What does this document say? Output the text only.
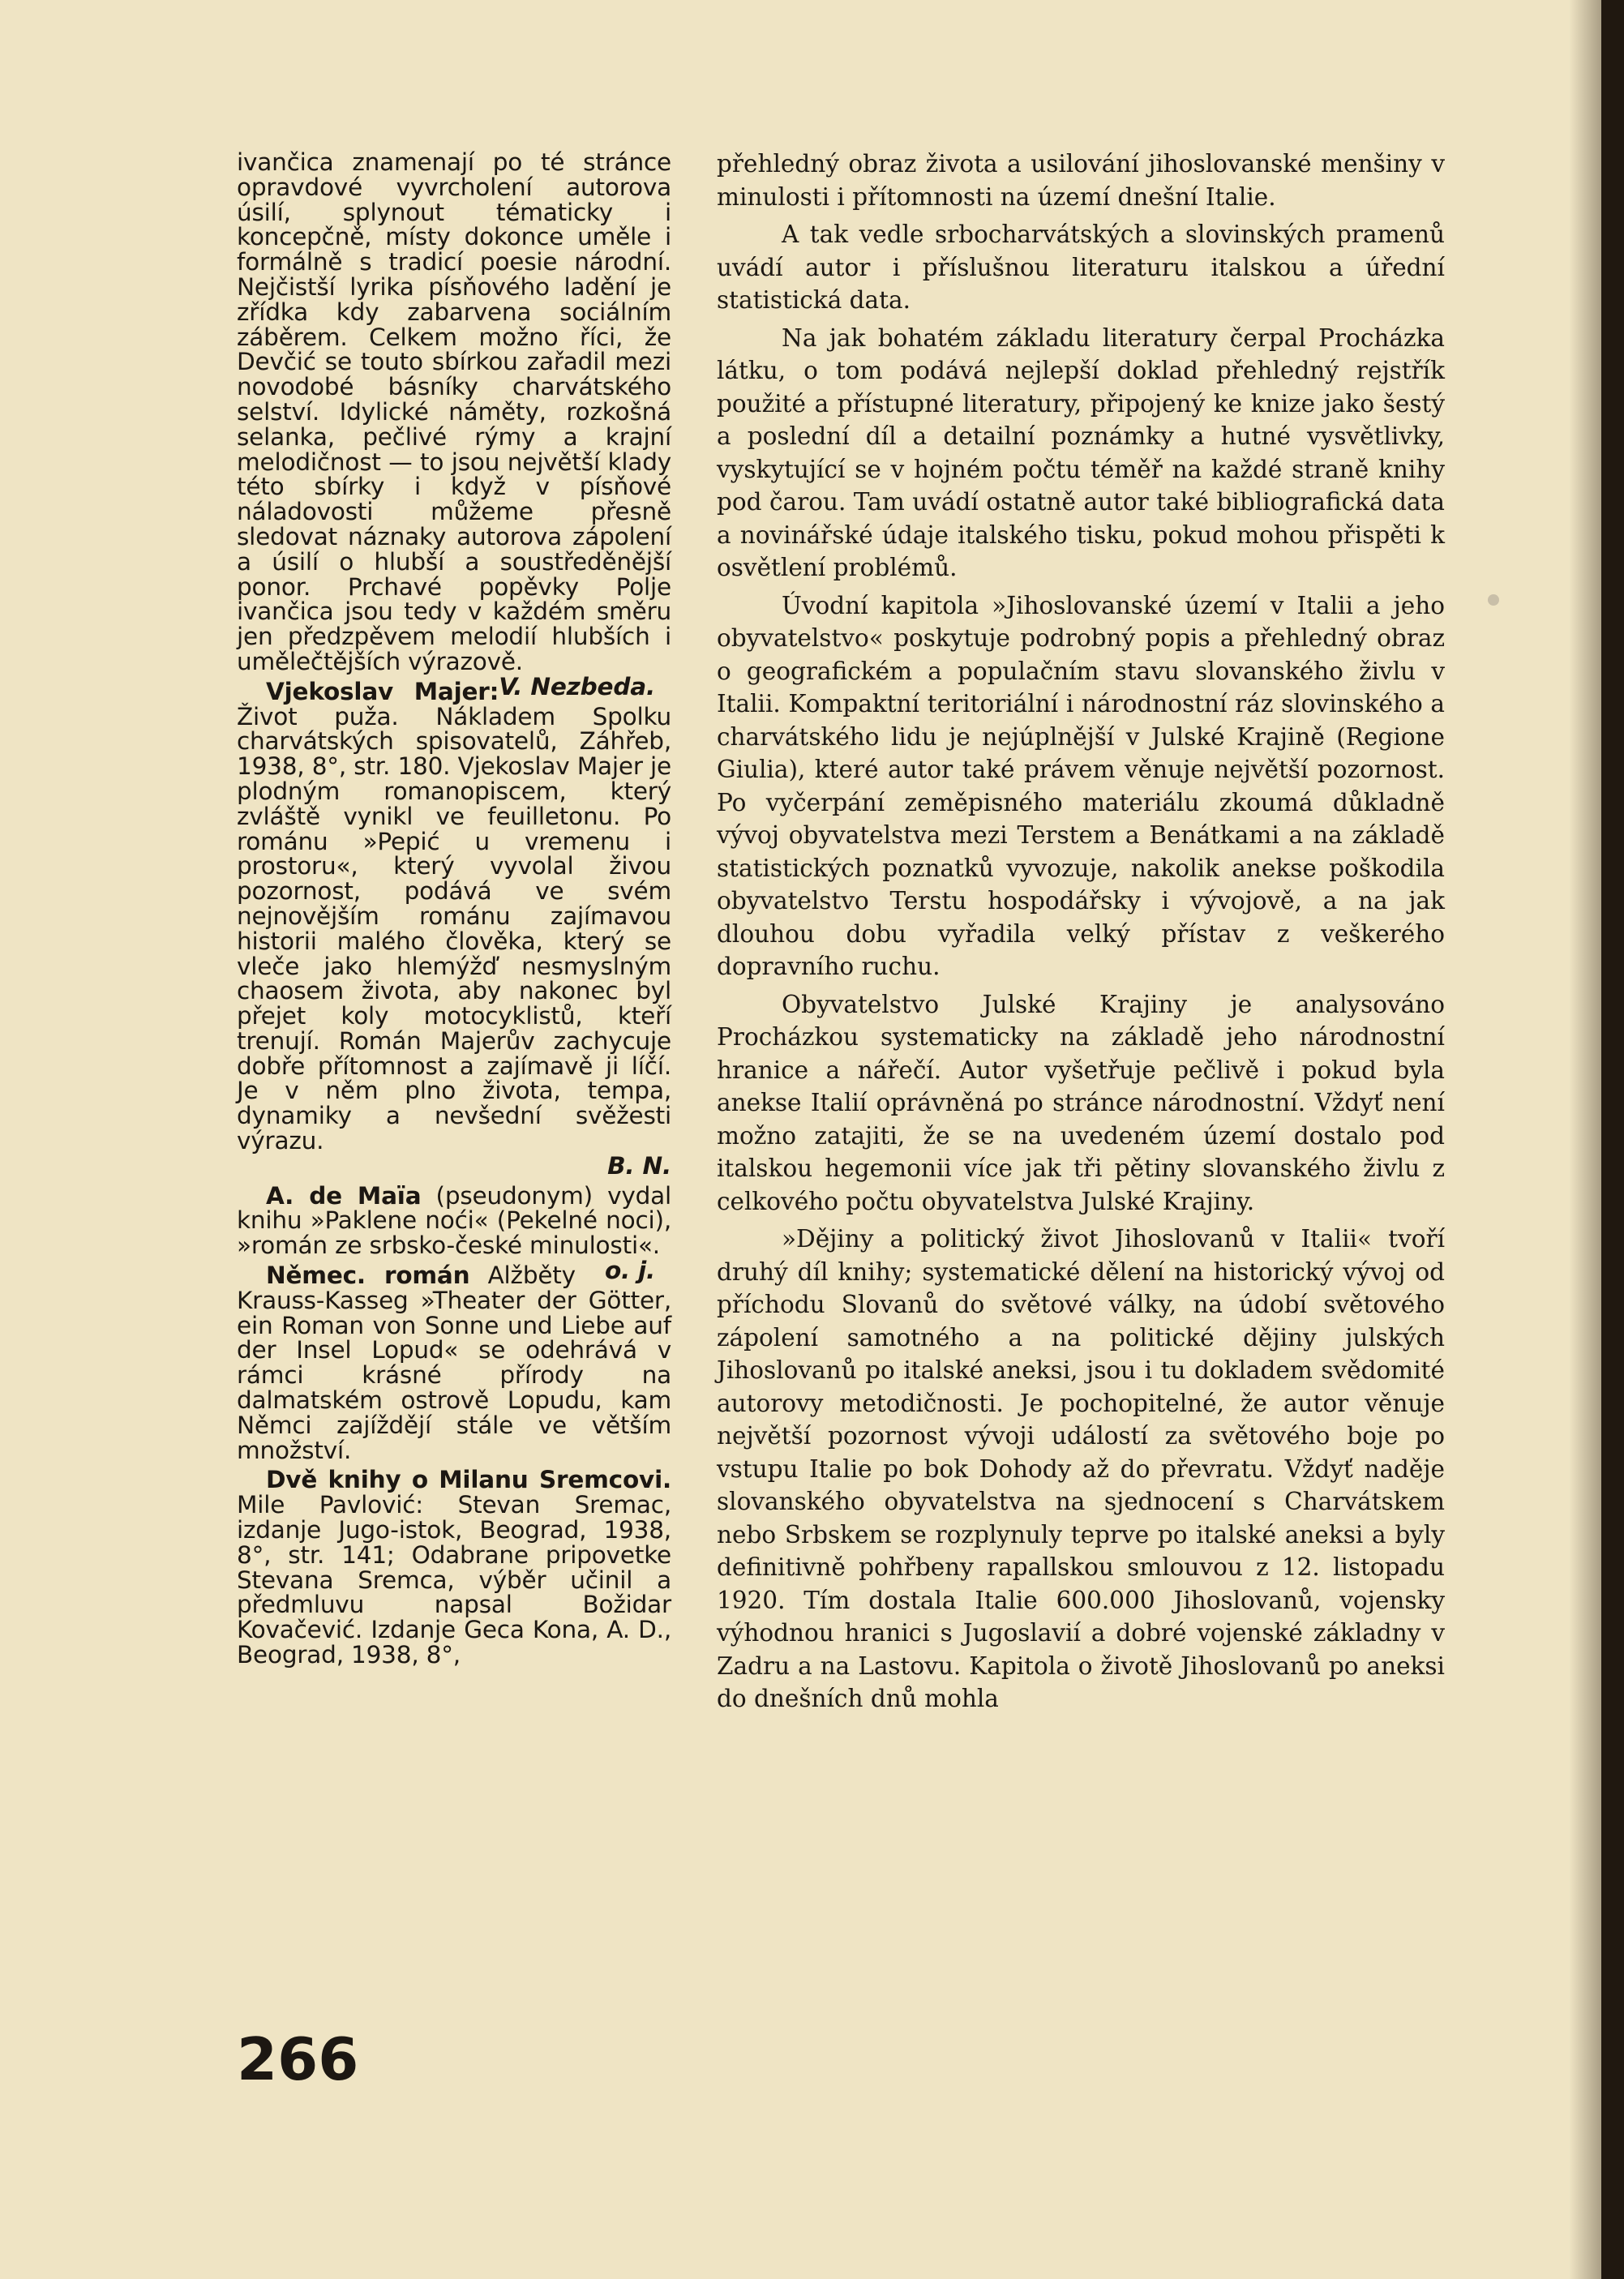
ivančica znamenají po té stránce opravdové vyvrcholení autorova úsilí, splynout tématicky i koncepčně, místy dokonce uměle i formálně s tradicí poesie národní. Nejčistší lyrika písňového ladění je zřídka kdy zabarvena sociálním záběrem. Celkem možno říci, že Devčić se touto sbírkou zařadil mezi novodobé básníky charvátského selství. Idylické náměty, rozkošná selanka, pečlivé rýmy a krajní melodičnost — to jsou největší klady této sbírky i když v písňové náladovosti můžeme přesně sledovat náznaky autorova zápolení a úsilí o hlubší a soustředěnější ponor. Prchavé popěvky Polje ivančica jsou tedy v každém směru jen předzpěvem melodií hlubších i umělečtějších výrazově.
V. Nezbeda.

Vjekoslav Majer: Život puža. Nákladem Spolku charvátských spisovatelů, Záhřeb, 1938, 8°, str. 180. Vjekoslav Majer je plodným romanopiscem, který zvláště vynikl ve feuilletonu. Po románu »Pepić u vremenu i prostoru«, který vyvolal živou pozornost, podává ve svém nejnovějším románu zajímavou historii malého člověka, který se vleče jako hlemýžď nesmyslným chaosem života, aby nakonec byl přejet koly motocyklistů, kteří trenují. Román Majerův zachycuje dobře přítomnost a zajímavě ji líčí. Je v něm plno života, tempa, dynamiky a nevšední svěžesti výrazu.
B. N.

A. de Maïa (pseudonym) vydal knihu »Paklene noći« (Pekelné noci), »román ze srbsko-české minulosti«.
o. j.

Němec. román Alžběty Krauss-Kasseg »Theater der Götter, ein Roman von Sonne und Liebe auf der Insel Lopud« se odehrává v rámci krásné přírody na dalmatském ostrově Lopudu, kam Němci zajíždějí stále ve větším množství.

Dvě knihy o Milanu Sremcovi. Mile Pavlović: Stevan Sremac, izdanje Jugo-istok, Beograd, 1938, 8°, str. 141; Odabrane pripovetke Stevana Sremca, výběr učinil a předmluvu napsal Božidar Kovačević. Izdanje Geca Kona, A. D., Beograd, 1938, 8°,

přehledný obraz života a usilování jihoslovanské menšiny v minulosti i přítomnosti na území dnešní Italie.

A tak vedle srbocharvátských a slovinských pramenů uvádí autor i příslušnou literaturu italskou a úřední statistická data.

Na jak bohatém základu literatury čerpal Procházka látku, o tom podává nejlepší doklad přehledný rejstřík použité a přístupné literatury, připojený ke knize jako šestý a poslední díl a detailní poznámky a hutné vysvětlivky, vyskytující se v hojném počtu téměř na každé straně knihy pod čarou. Tam uvádí ostatně autor také bibliografická data a novinářské údaje italského tisku, pokud mohou přispěti k osvětlení problémů.

Úvodní kapitola »Jihoslovanské území v Italii a jeho obyvatelstvo« poskytuje podrobný popis a přehledný obraz o geografickém a populačním stavu slovanského živlu v Italii. Kompaktní teritoriální i národnostní ráz slovinského a charvátského lidu je nejúplnější v Julské Krajině (Regione Giulia), které autor také právem věnuje největší pozornost. Po vyčerpání zeměpisného materiálu zkoumá důkladně vývoj obyvatelstva mezi Terstem a Benátkami a na základě statistických poznatků vyvozuje, nakolik anekse poškodila obyvatelstvo Terstu hospodářsky i vývojově, a na jak dlouhou dobu vyřadila velký přístav z veškerého dopravního ruchu.

Obyvatelstvo Julské Krajiny je analysováno Procházkou systematicky na základě jeho národnostní hranice a nářečí. Autor vyšetřuje pečlivě i pokud byla anekse Italií oprávněná po stránce národnostní. Vždyť není možno zatajiti, že se na uvedeném území dostalo pod italskou hegemonii více jak tři pětiny slovanského živlu z celkového počtu obyvatelstva Julské Krajiny.

»Dějiny a politický život Jihoslovanů v Italii« tvoří druhý díl knihy; systematické dělení na historický vývoj od příchodu Slovanů do světové války, na údobí světového zápolení samotného a na politické dějiny julských Jihoslovanů po italské aneksi, jsou i tu dokladem svědomité autorovy metodičnosti. Je pochopitelné, že autor věnuje největší pozornost vývoji událostí za světového boje po vstupu Italie po bok Dohody až do převratu. Vždyť naděje slovanského obyvatelstva na sjednocení s Charvátskem nebo Srbskem se rozplynuly teprve po italské aneksi a byly definitivně pohřbeny rapallskou smlouvou z 12. listopadu 1920. Tím dostala Italie 600.000 Jihoslovanů, vojensky výhodnou hranici s Jugoslavií a dobré vojenské základny v Zadru a na Lastovu. Kapitola o životě Jihoslovanů po aneksi do dnešních dnů mohla

266
